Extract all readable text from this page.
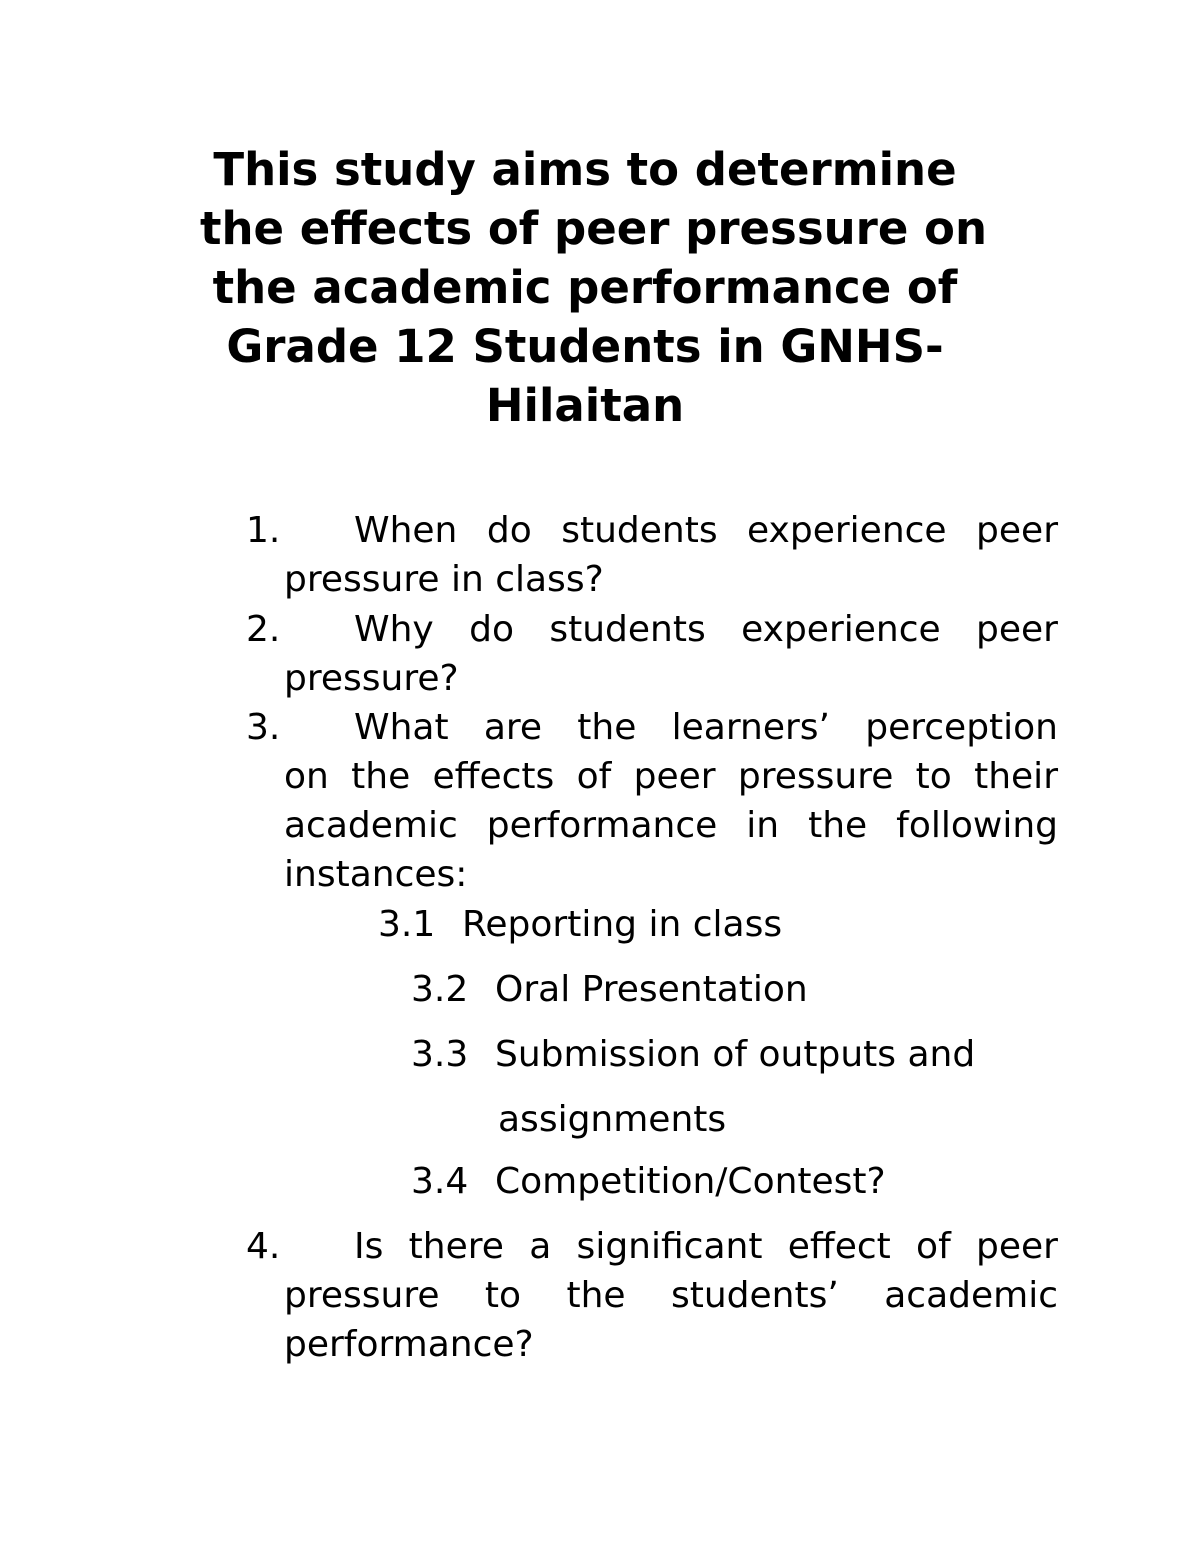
This study aims to determine
the effects of peer pressure on
the academic performance of
Grade 12 Students in GNHS-
Hilaitan
1. When do students experience peer
pressure in class?
2. Why do students experience peer
pressure?
3. What are the learners’ perception
on the effects of peer pressure to their
academic performance in the following
instances:
3.1 Reporting in class
3.2 Oral Presentation
3.3 Submission of outputs and
assignments
3.4 Competition/Contest?
4. Is there a significant effect of peer
pressure to the students’ academic
performance?
